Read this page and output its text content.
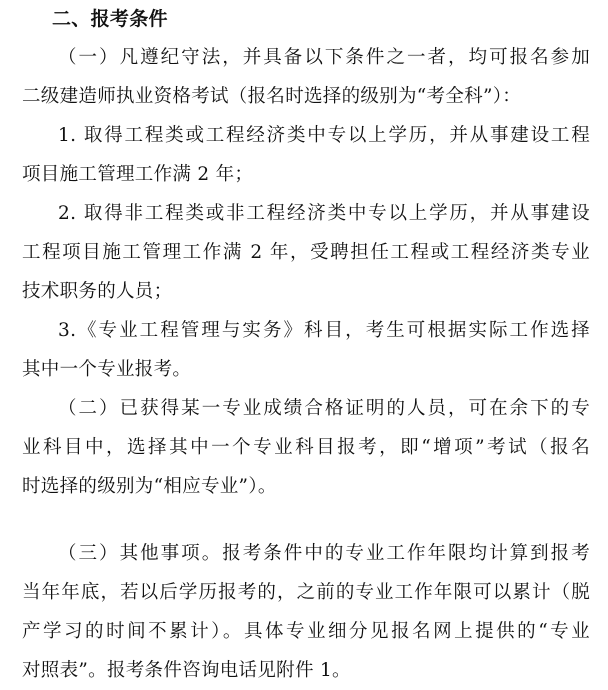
二、报考条件
（一）凡遵纪守法，并具备以下条件之一者，均可报名参加
二级建造师执业资格考试（报名时选择的级别为“考全科”）：
1. 取得工程类或工程经济类中专以上学历，并从事建设工程
项目施工管理工作满 2 年；
2. 取得非工程类或非工程经济类中专以上学历，并从事建设
工程项目施工管理工作满 2 年，受聘担任工程或工程经济类专业
技术职务的人员；
3.《专业工程管理与实务》科目，考生可根据实际工作选择
其中一个专业报考。
（二）已获得某一专业成绩合格证明的人员，可在余下的专
业科目中，选择其中一个专业科目报考，即“增项”考试（报名
时选择的级别为“相应专业”）。
（三）其他事项。报考条件中的专业工作年限均计算到报考
当年年底，若以后学历报考的，之前的专业工作年限可以累计（脱
产学习的时间不累计）。具体专业细分见报名网上提供的“专业
对照表”。报考条件咨询电话见附件 1。
